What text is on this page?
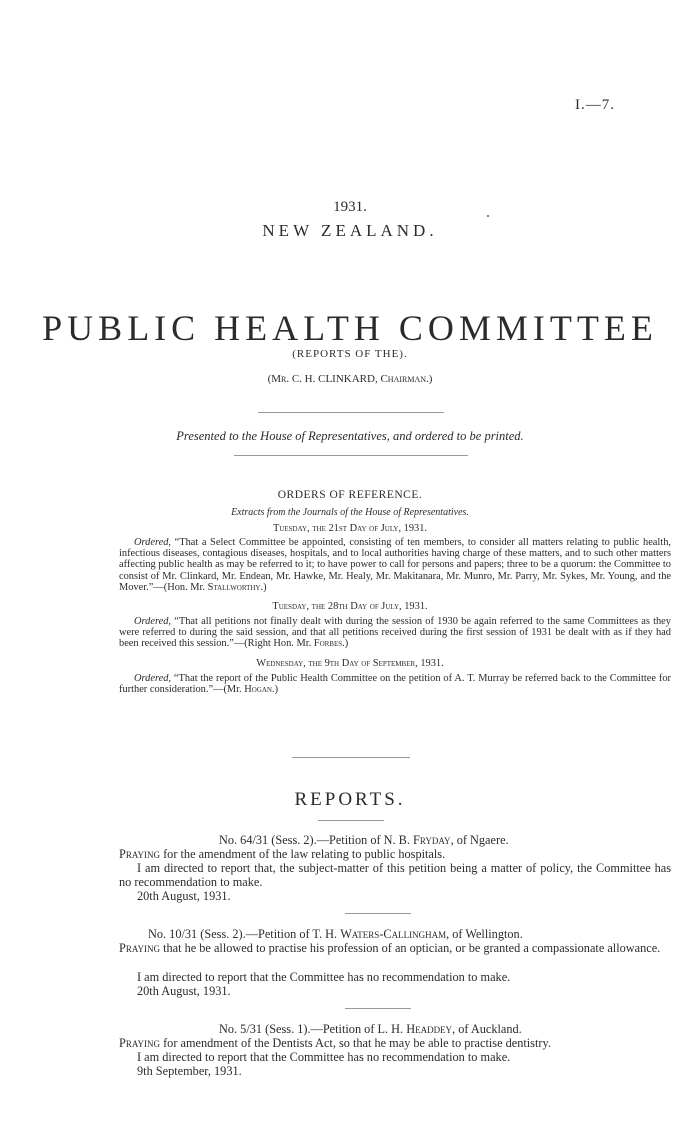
I.—7.
1931.
NEW ZEALAND.
PUBLIC HEALTH COMMITTEE
(REPORTS OF THE).
(Mr. C. H. CLINKARD, Chairman.)
Presented to the House of Representatives, and ordered to be printed.
ORDERS OF REFERENCE.
Extracts from the Journals of the House of Representatives.
Tuesday, the 21st Day of July, 1931.
Ordered, “That a Select Committee be appointed, consisting of ten members, to consider all matters relating to public health, infectious diseases, contagious diseases, hospitals, and to local authorities having charge of these matters, and to such other matters affecting public health as may be referred to it; to have power to call for persons and papers; three to be a quorum: the Committee to consist of Mr. Clinkard, Mr. Endean, Mr. Hawke, Mr. Healy, Mr. Makitanara, Mr. Munro, Mr. Parry, Mr. Sykes, Mr. Young, and the Mover.”—(Hon. Mr. Stallworthy.)
Tuesday, the 28th Day of July, 1931.
Ordered, “That all petitions not finally dealt with during the session of 1930 be again referred to the same Committees as they were referred to during the said session, and that all petitions received during the first session of 1931 be dealt with as if they had been received this session.”—(Right Hon. Mr. Forbes.)
Wednesday, the 9th Day of September, 1931.
Ordered, “That the report of the Public Health Committee on the petition of A. T. Murray be referred back to the Committee for further consideration.”—(Mr. Hogan.)
REPORTS.
No. 64/31 (Sess. 2).—Petition of N. B. Fryday, of Ngaere.
Praying for the amendment of the law relating to public hospitals.
I am directed to report that, the subject-matter of this petition being a matter of policy, the Committee has no recommendation to make.
20th August, 1931.
No. 10/31 (Sess. 2).—Petition of T. H. Waters-Callingham, of Wellington.
Praying that he be allowed to practise his profession of an optician, or be granted a compassionate allowance.
I am directed to report that the Committee has no recommendation to make.
20th August, 1931.
No. 5/31 (Sess. 1).—Petition of L. H. Headdey, of Auckland.
Praying for amendment of the Dentists Act, so that he may be able to practise dentistry.
I am directed to report that the Committee has no recommendation to make.
9th September, 1931.
